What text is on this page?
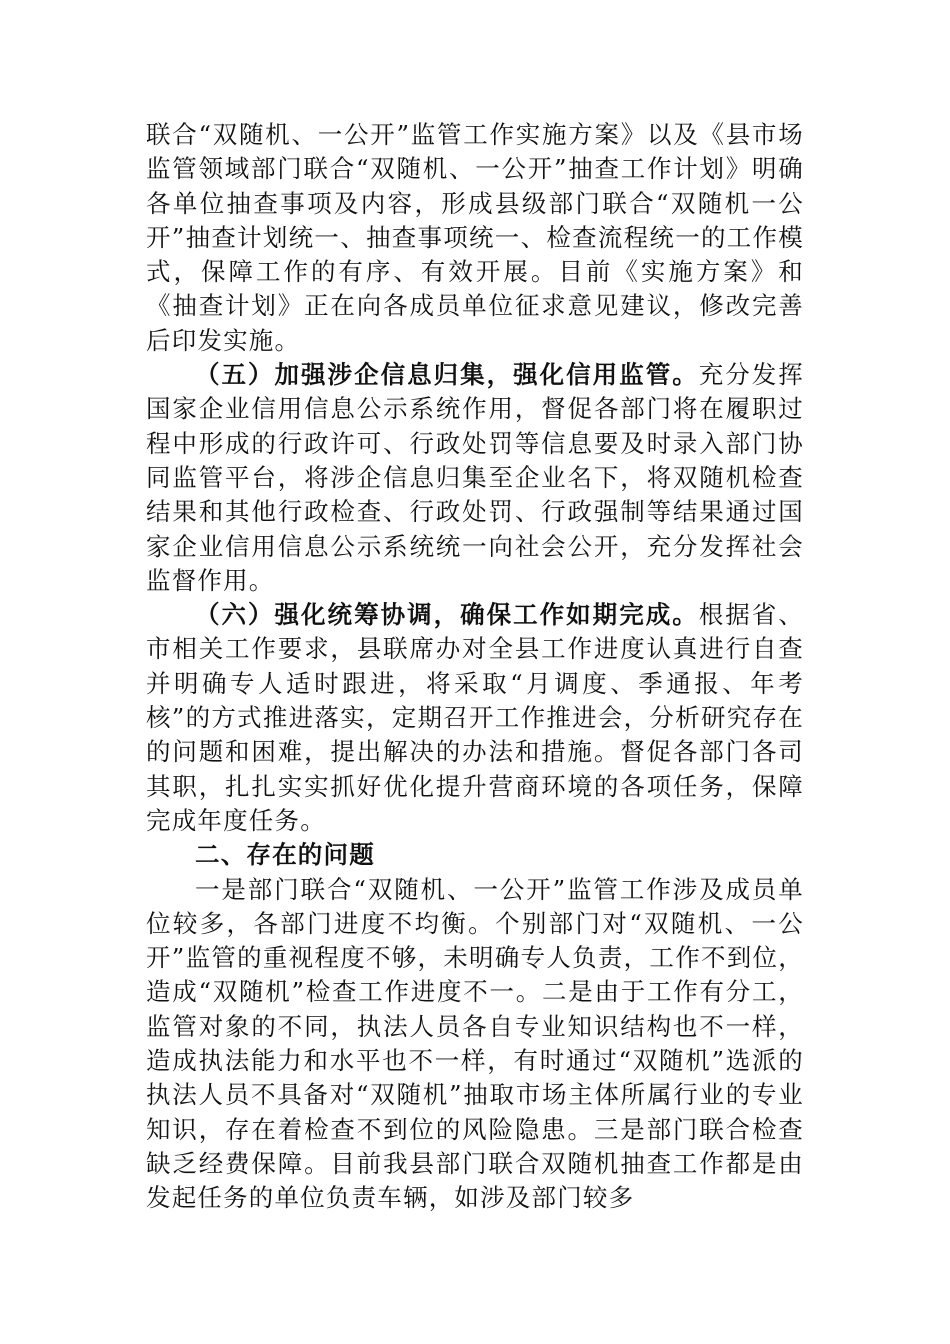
联合“双随机、一公开”监管工作实施方案》以及《县市场监管领域部门联合“双随机、一公开”抽查工作计划》明确各单位抽查事项及内容，形成县级部门联合“双随机一公开”抽查计划统一、抽查事项统一、检查流程统一的工作模式，保障工作的有序、有效开展。目前《实施方案》和《抽查计划》正在向各成员单位征求意见建议，修改完善后印发实施。

（五）加强涉企信息归集，强化信用监管。充分发挥国家企业信用信息公示系统作用，督促各部门将在履职过程中形成的行政许可、行政处罚等信息要及时录入部门协同监管平台，将涉企信息归集至企业名下，将双随机检查结果和其他行政检查、行政处罚、行政强制等结果通过国家企业信用信息公示系统统一向社会公开，充分发挥社会监督作用。

（六）强化统筹协调，确保工作如期完成。根据省、市相关工作要求，县联席办对全县工作进度认真进行自查并明确专人适时跟进，将采取“月调度、季通报、年考核”的方式推进落实，定期召开工作推进会，分析研究存在的问题和困难，提出解决的办法和措施。督促各部门各司其职，扎扎实实抓好优化提升营商环境的各项任务，保障完成年度任务。

二、存在的问题

一是部门联合“双随机、一公开”监管工作涉及成员单位较多，各部门进度不均衡。个别部门对“双随机、一公开”监管的重视程度不够，未明确专人负责，工作不到位，造成“双随机”检查工作进度不一。二是由于工作有分工，监管对象的不同，执法人员各自专业知识结构也不一样，造成执法能力和水平也不一样，有时通过“双随机”选派的执法人员不具备对“双随机”抽取市场主体所属行业的专业知识，存在着检查不到位的风险隐患。三是部门联合检查缺乏经费保障。目前我县部门联合双随机抽查工作都是由发起任务的单位负责车辆，如涉及部门较多
